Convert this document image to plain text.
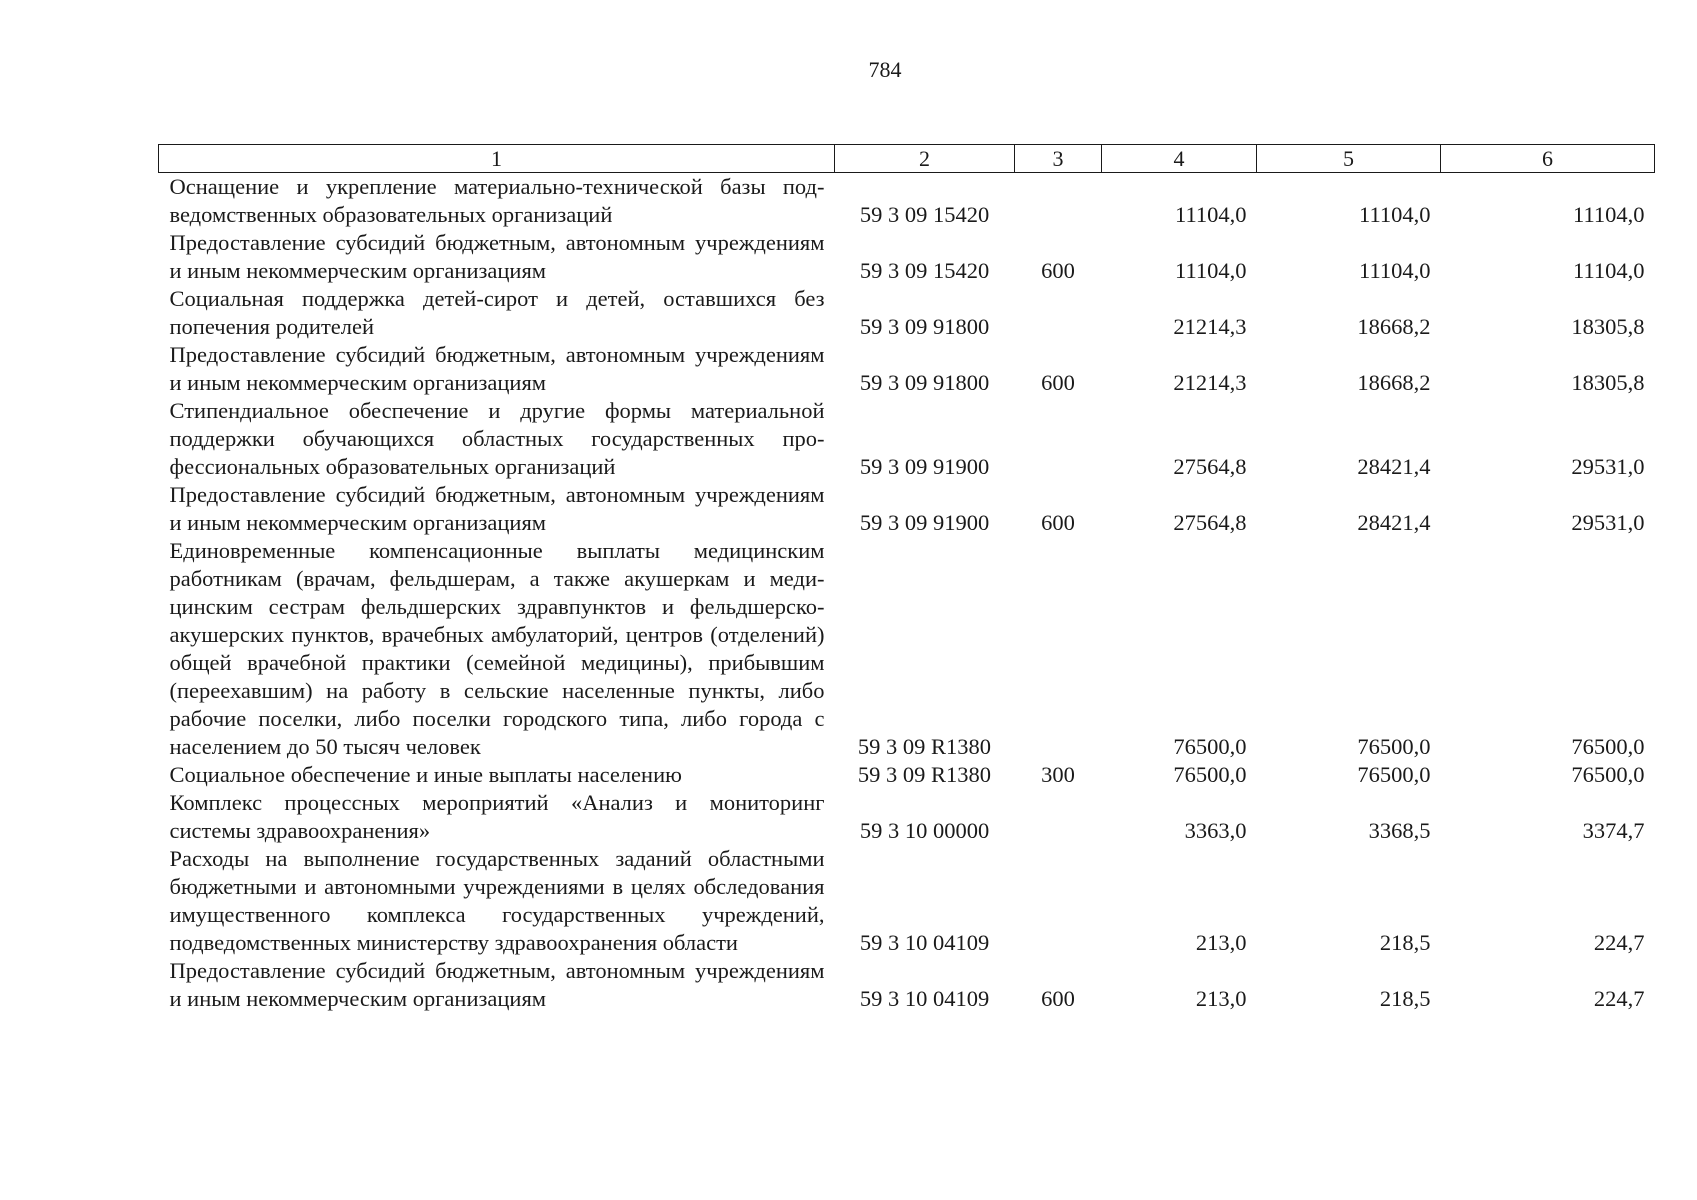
784
1	2	3	4	5	6
Оснащение и укрепление материально-технической базы подведомственных образовательных организаций	59 3 09 15420		11104,0	11104,0	11104,0
Предоставление субсидий бюджетным, автономным учреждениям и иным некоммерческим организациям	59 3 09 15420	600	11104,0	11104,0	11104,0
Социальная поддержка детей-сирот и детей, оставшихся без попечения родителей	59 3 09 91800		21214,3	18668,2	18305,8
Предоставление субсидий бюджетным, автономным учреждениям и иным некоммерческим организациям	59 3 09 91800	600	21214,3	18668,2	18305,8
Стипендиальное обеспечение и другие формы материальной поддержки обучающихся областных государственных профессиональных образовательных организаций	59 3 09 91900		27564,8	28421,4	29531,0
Предоставление субсидий бюджетным, автономным учреждениям и иным некоммерческим организациям	59 3 09 91900	600	27564,8	28421,4	29531,0
Единовременные компенсационные выплаты медицинским работникам (врачам, фельдшерам, а также акушеркам и медицинским сестрам фельдшерских здравпунктов и фельдшерско-акушерских пунктов, врачебных амбулаторий, центров (отделений) общей врачебной практики (семейной медицины), прибывшим (переехавшим) на работу в сельские населенные пункты, либо рабочие поселки, либо поселки городского типа, либо города с населением до 50 тысяч человек	59 3 09 R1380		76500,0	76500,0	76500,0
Социальное обеспечение и иные выплаты населению	59 3 09 R1380	300	76500,0	76500,0	76500,0
Комплекс процессных мероприятий «Анализ и мониторинг системы здравоохранения»	59 3 10 00000		3363,0	3368,5	3374,7
Расходы на выполнение государственных заданий областными бюджетными и автономными учреждениями в целях обследования имущественного комплекса государственных учреждений, подведомственных министерству здравоохранения области	59 3 10 04109		213,0	218,5	224,7
Предоставление субсидий бюджетным, автономным учреждениям и иным некоммерческим организациям	59 3 10 04109	600	213,0	218,5	224,7
